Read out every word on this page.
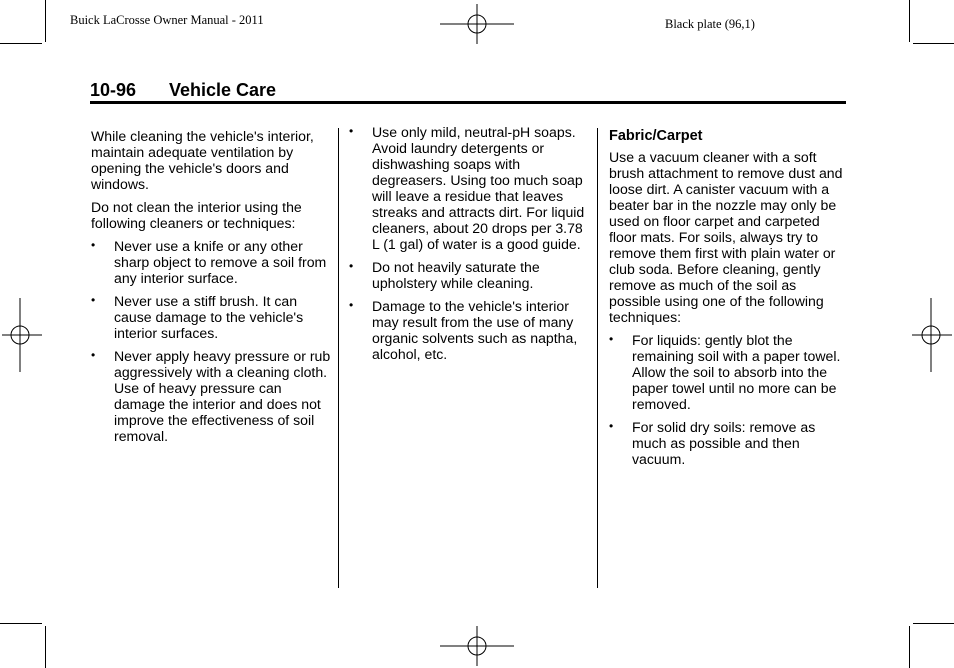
Buick LaCrosse Owner Manual - 2011	Black plate (96,1)
10-96 Vehicle Care

While cleaning the vehicle's interior, maintain adequate ventilation by opening the vehicle's doors and windows.

Do not clean the interior using the following cleaners or techniques:

• Never use a knife or any other sharp object to remove a soil from any interior surface.
• Never use a stiff brush. It can cause damage to the vehicle's interior surfaces.
• Never apply heavy pressure or rub aggressively with a cleaning cloth. Use of heavy pressure can damage the interior and does not improve the effectiveness of soil removal.
• Use only mild, neutral-pH soaps. Avoid laundry detergents or dishwashing soaps with degreasers. Using too much soap will leave a residue that leaves streaks and attracts dirt. For liquid cleaners, about 20 drops per 3.78 L (1 gal) of water is a good guide.
• Do not heavily saturate the upholstery while cleaning.
• Damage to the vehicle's interior may result from the use of many organic solvents such as naptha, alcohol, etc.
Fabric/Carpet

Use a vacuum cleaner with a soft brush attachment to remove dust and loose dirt. A canister vacuum with a beater bar in the nozzle may only be used on floor carpet and carpeted floor mats. For soils, always try to remove them first with plain water or club soda. Before cleaning, gently remove as much of the soil as possible using one of the following techniques:

• For liquids: gently blot the remaining soil with a paper towel. Allow the soil to absorb into the paper towel until no more can be removed.
• For solid dry soils: remove as much as possible and then vacuum.
